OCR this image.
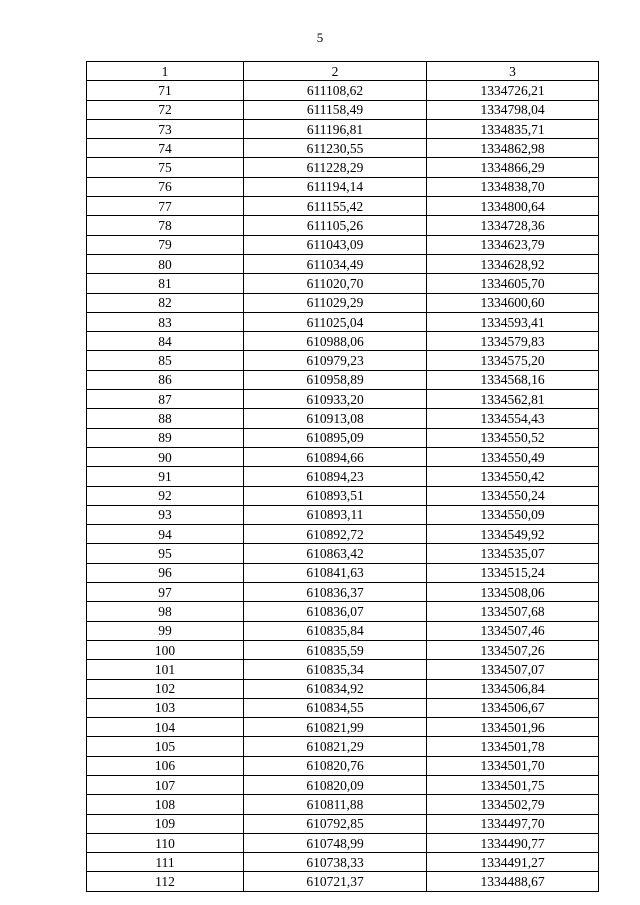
5
1	2	3
71	611108,62	1334726,21
72	611158,49	1334798,04
73	611196,81	1334835,71
74	611230,55	1334862,98
75	611228,29	1334866,29
76	611194,14	1334838,70
77	611155,42	1334800,64
78	611105,26	1334728,36
79	611043,09	1334623,79
80	611034,49	1334628,92
81	611020,70	1334605,70
82	611029,29	1334600,60
83	611025,04	1334593,41
84	610988,06	1334579,83
85	610979,23	1334575,20
86	610958,89	1334568,16
87	610933,20	1334562,81
88	610913,08	1334554,43
89	610895,09	1334550,52
90	610894,66	1334550,49
91	610894,23	1334550,42
92	610893,51	1334550,24
93	610893,11	1334550,09
94	610892,72	1334549,92
95	610863,42	1334535,07
96	610841,63	1334515,24
97	610836,37	1334508,06
98	610836,07	1334507,68
99	610835,84	1334507,46
100	610835,59	1334507,26
101	610835,34	1334507,07
102	610834,92	1334506,84
103	610834,55	1334506,67
104	610821,99	1334501,96
105	610821,29	1334501,78
106	610820,76	1334501,70
107	610820,09	1334501,75
108	610811,88	1334502,79
109	610792,85	1334497,70
110	610748,99	1334490,77
111	610738,33	1334491,27
112	610721,37	1334488,67
